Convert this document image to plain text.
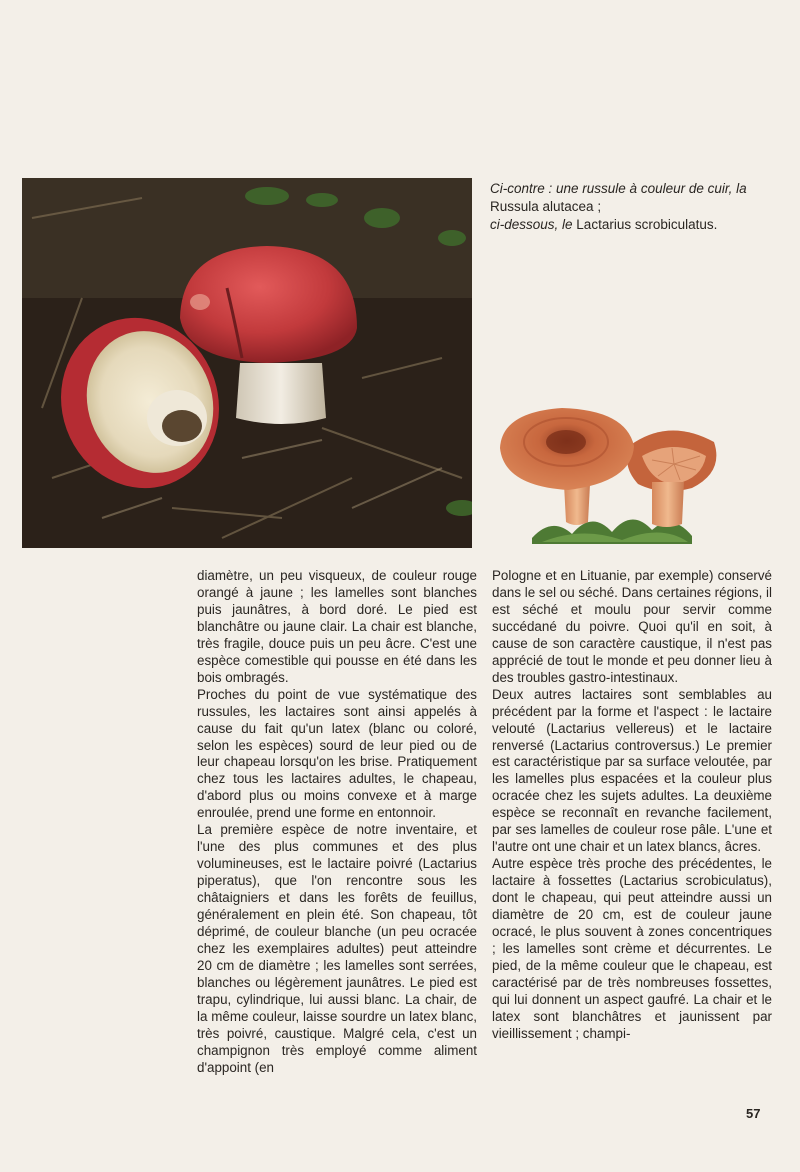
Ci-contre : une russule à couleur de cuir, la Russula alutacea ;

ci-dessous, le Lactarius scrobiculatus.

diamètre, un peu visqueux, de couleur rouge orangé à jaune ; les lamelles sont blanches puis jaunâtres, à bord doré. Le pied est blanchâtre ou jaune clair. La chair est blanche, très fragile, douce puis un peu âcre. C'est une espèce comestible qui pousse en été dans les bois ombragés.

Proches du point de vue systématique des russules, les lactaires sont ainsi appelés à cause du fait qu'un latex (blanc ou coloré, selon les espèces) sourd de leur pied ou de leur chapeau lorsqu'on les brise. Pratiquement chez tous les lactaires adultes, le chapeau, d'abord plus ou moins convexe et à marge enroulée, prend une forme en entonnoir.

La première espèce de notre inventaire, et l'une des plus communes et des plus volumineuses, est le lactaire poivré (Lactarius piperatus), que l'on rencontre sous les châtaigniers et dans les forêts de feuillus, généralement en plein été. Son chapeau, tôt déprimé, de couleur blanche (un peu ocracée chez les exemplaires adultes) peut atteindre 20 cm de diamètre ; les lamelles sont serrées, blanches ou légèrement jaunâtres. Le pied est trapu, cylindrique, lui aussi blanc. La chair, de la même couleur, laisse sourdre un latex blanc, très poivré, caustique. Malgré cela, c'est un champignon très employé comme aliment d'appoint (en

Pologne et en Lituanie, par exemple) conservé dans le sel ou séché. Dans certaines régions, il est séché et moulu pour servir comme succédané du poivre. Quoi qu'il en soit, à cause de son caractère caustique, il n'est pas apprécié de tout le monde et peu donner lieu à des troubles gastro-intestinaux.

Deux autres lactaires sont semblables au précédent par la forme et l'aspect : le lactaire velouté (Lactarius vellereus) et le lactaire renversé (Lactarius controversus.) Le premier est caractéristique par sa surface veloutée, par les lamelles plus espacées et la couleur plus ocracée chez les sujets adultes. La deuxième espèce se reconnaît en revanche facilement, par ses lamelles de couleur rose pâle. L'une et l'autre ont une chair et un latex blancs, âcres.

Autre espèce très proche des précédentes, le lactaire à fossettes (Lactarius scrobiculatus), dont le chapeau, qui peut atteindre aussi un diamètre de 20 cm, est de couleur jaune ocracé, le plus souvent à zones concentriques ; les lamelles sont crème et décurrentes. Le pied, de la même couleur que le chapeau, est caractérisé par de très nombreuses fossettes, qui lui donnent un aspect gaufré. La chair et le latex sont blanchâtres et jaunissent par vieillissement ; champi-

57
